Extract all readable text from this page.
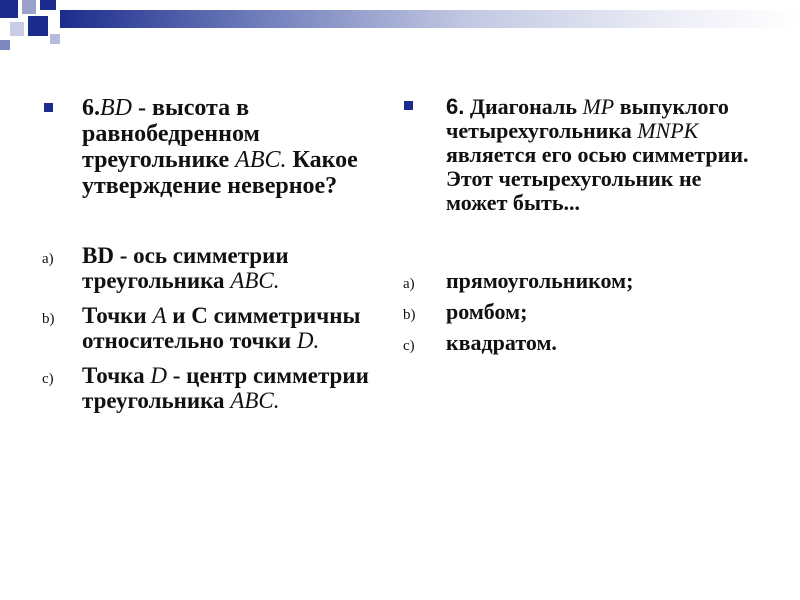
6.BD - высота в равнобедренном треугольнике ABC. Какое утверждение неверное?
a) BD - ось симметрии треугольника ABC.
b) Точки A и С симметричны относительно точки D.
c) Точка D - центр симметрии треугольника ABC.
6. Диагональ MP выпуклого четырехугольника MNPK является его осью симметрии. Этот четырехугольник не может быть...
a) прямоугольником;
b) ромбом;
c) квадратом.
